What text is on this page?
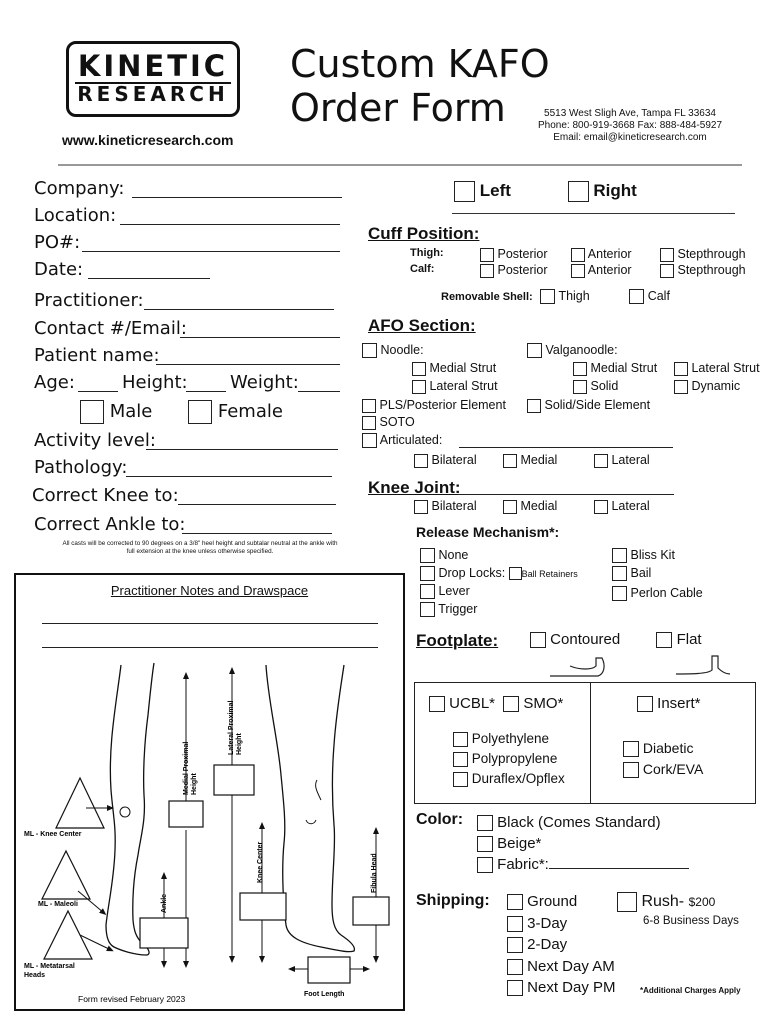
KINETIC
RESEARCH
Custom KAFO
Order Form	5513 West Sligh Ave, Tampa FL 33634
Phone: 800-919-3668 Fax: 888-484-5927
Email: email@kineticresearch.com
www.kineticresearch.com
Company:
Location:
PO#:
Date:
Practitioner:
Contact #/Email:
Patient name:
Age:	Height: Weight:
Male	Female
Activity level:
Pathology:
Correct Knee to:
Correct Ankle to:
All casts will be corrected to 90 degrees on a 3/8" heel height and subtalar neutral at the ankle with
full extension at the knee unless otherwise specified.
Left	Right
Cuff Position:
Thigh:	Posterior	Anterior	Stepthrough
Calf:	Posterior	Anterior	Stepthrough
Removable Shell: Thigh	Calf
AFO Section:
Noodle:	Valganoodle:
Medial Strut	Medial Strut	Lateral Strut
Lateral Strut	Solid	Dynamic
PLS/Posterior Element	Solid/Side Element
SOTO
Articulated:
Bilateral	Medial	Lateral
Knee Joint:
Bilateral	Medial	Lateral
Release Mechanism*:
None
Drop Locks: Ball Retainers
Lever
Trigger
Bliss Kit
Bail
Perlon Cable
Footplate:	Contoured	Flat
UCBL* SMO*	Insert*
Polyethylene
Polypropylene
Duraflex/Opflex
Diabetic
Cork/EVA
Color:	Black (Comes Standard)
Beige*
Fabric*:
Shipping:	Ground
3-Day
2-Day
Next Day AM
Next Day PM
Rush- $200
6-8 Business Days
*Additional Charges Apply
Practitioner Notes and Drawspace
ML - Knee Center
ML - Maleoli
ML - Metatarsal
Heads
Medial Proximal Height
Lateral Proximal Height
Knee Center	Fibula Head
Ankle
Foot Length
Form revised February 2023
